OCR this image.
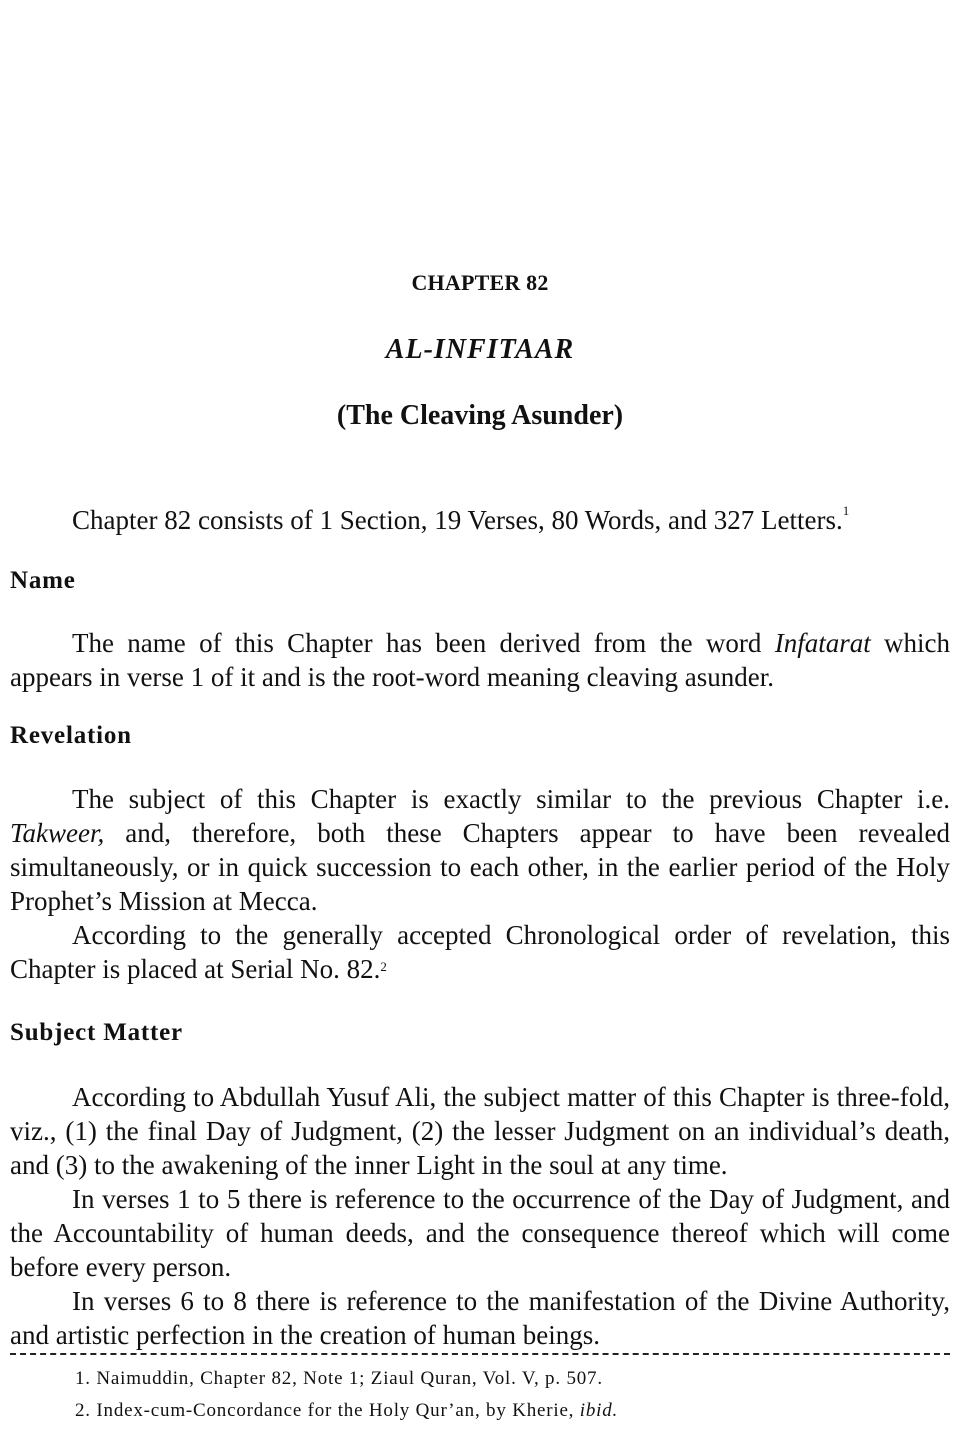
CHAPTER 82
AL-INFITAAR
(The Cleaving Asunder)
Chapter 82 consists of 1 Section, 19 Verses, 80 Words, and 327 Letters.$^1$
Name

The name of this Chapter has been derived from the word Infatarat which appears in verse 1 of it and is the root-word meaning cleaving asunder.

Revelation

The subject of this Chapter is exactly similar to the previous Chapter i.e. Takweer, and, therefore, both these Chapters appear to have been revealed simultaneously, or in quick succession to each other, in the earlier period of the Holy Prophet’s Mission at Mecca.

According to the generally accepted Chronological order of revelation, this Chapter is placed at Serial No. 82.$^2$

Subject Matter

According to Abdullah Yusuf Ali, the subject matter of this Chapter is three-fold, viz., (1) the final Day of Judgment, (2) the lesser Judgment on an individual’s death, and (3) to the awakening of the inner Light in the soul at any time.

In verses 1 to 5 there is reference to the occurrence of the Day of Judgment, and the Accountability of human deeds, and the consequence thereof which will come before every person.

In verses 6 to 8 there is reference to the manifestation of the Divine Authority, and artistic perfection in the creation of human beings.

1. Naimuddin, Chapter 82, Note 1; Ziaul Quran, Vol. V, p. 507.
2. Index-cum-Concordance for the Holy Qur’an, by Kherie, ibid.
